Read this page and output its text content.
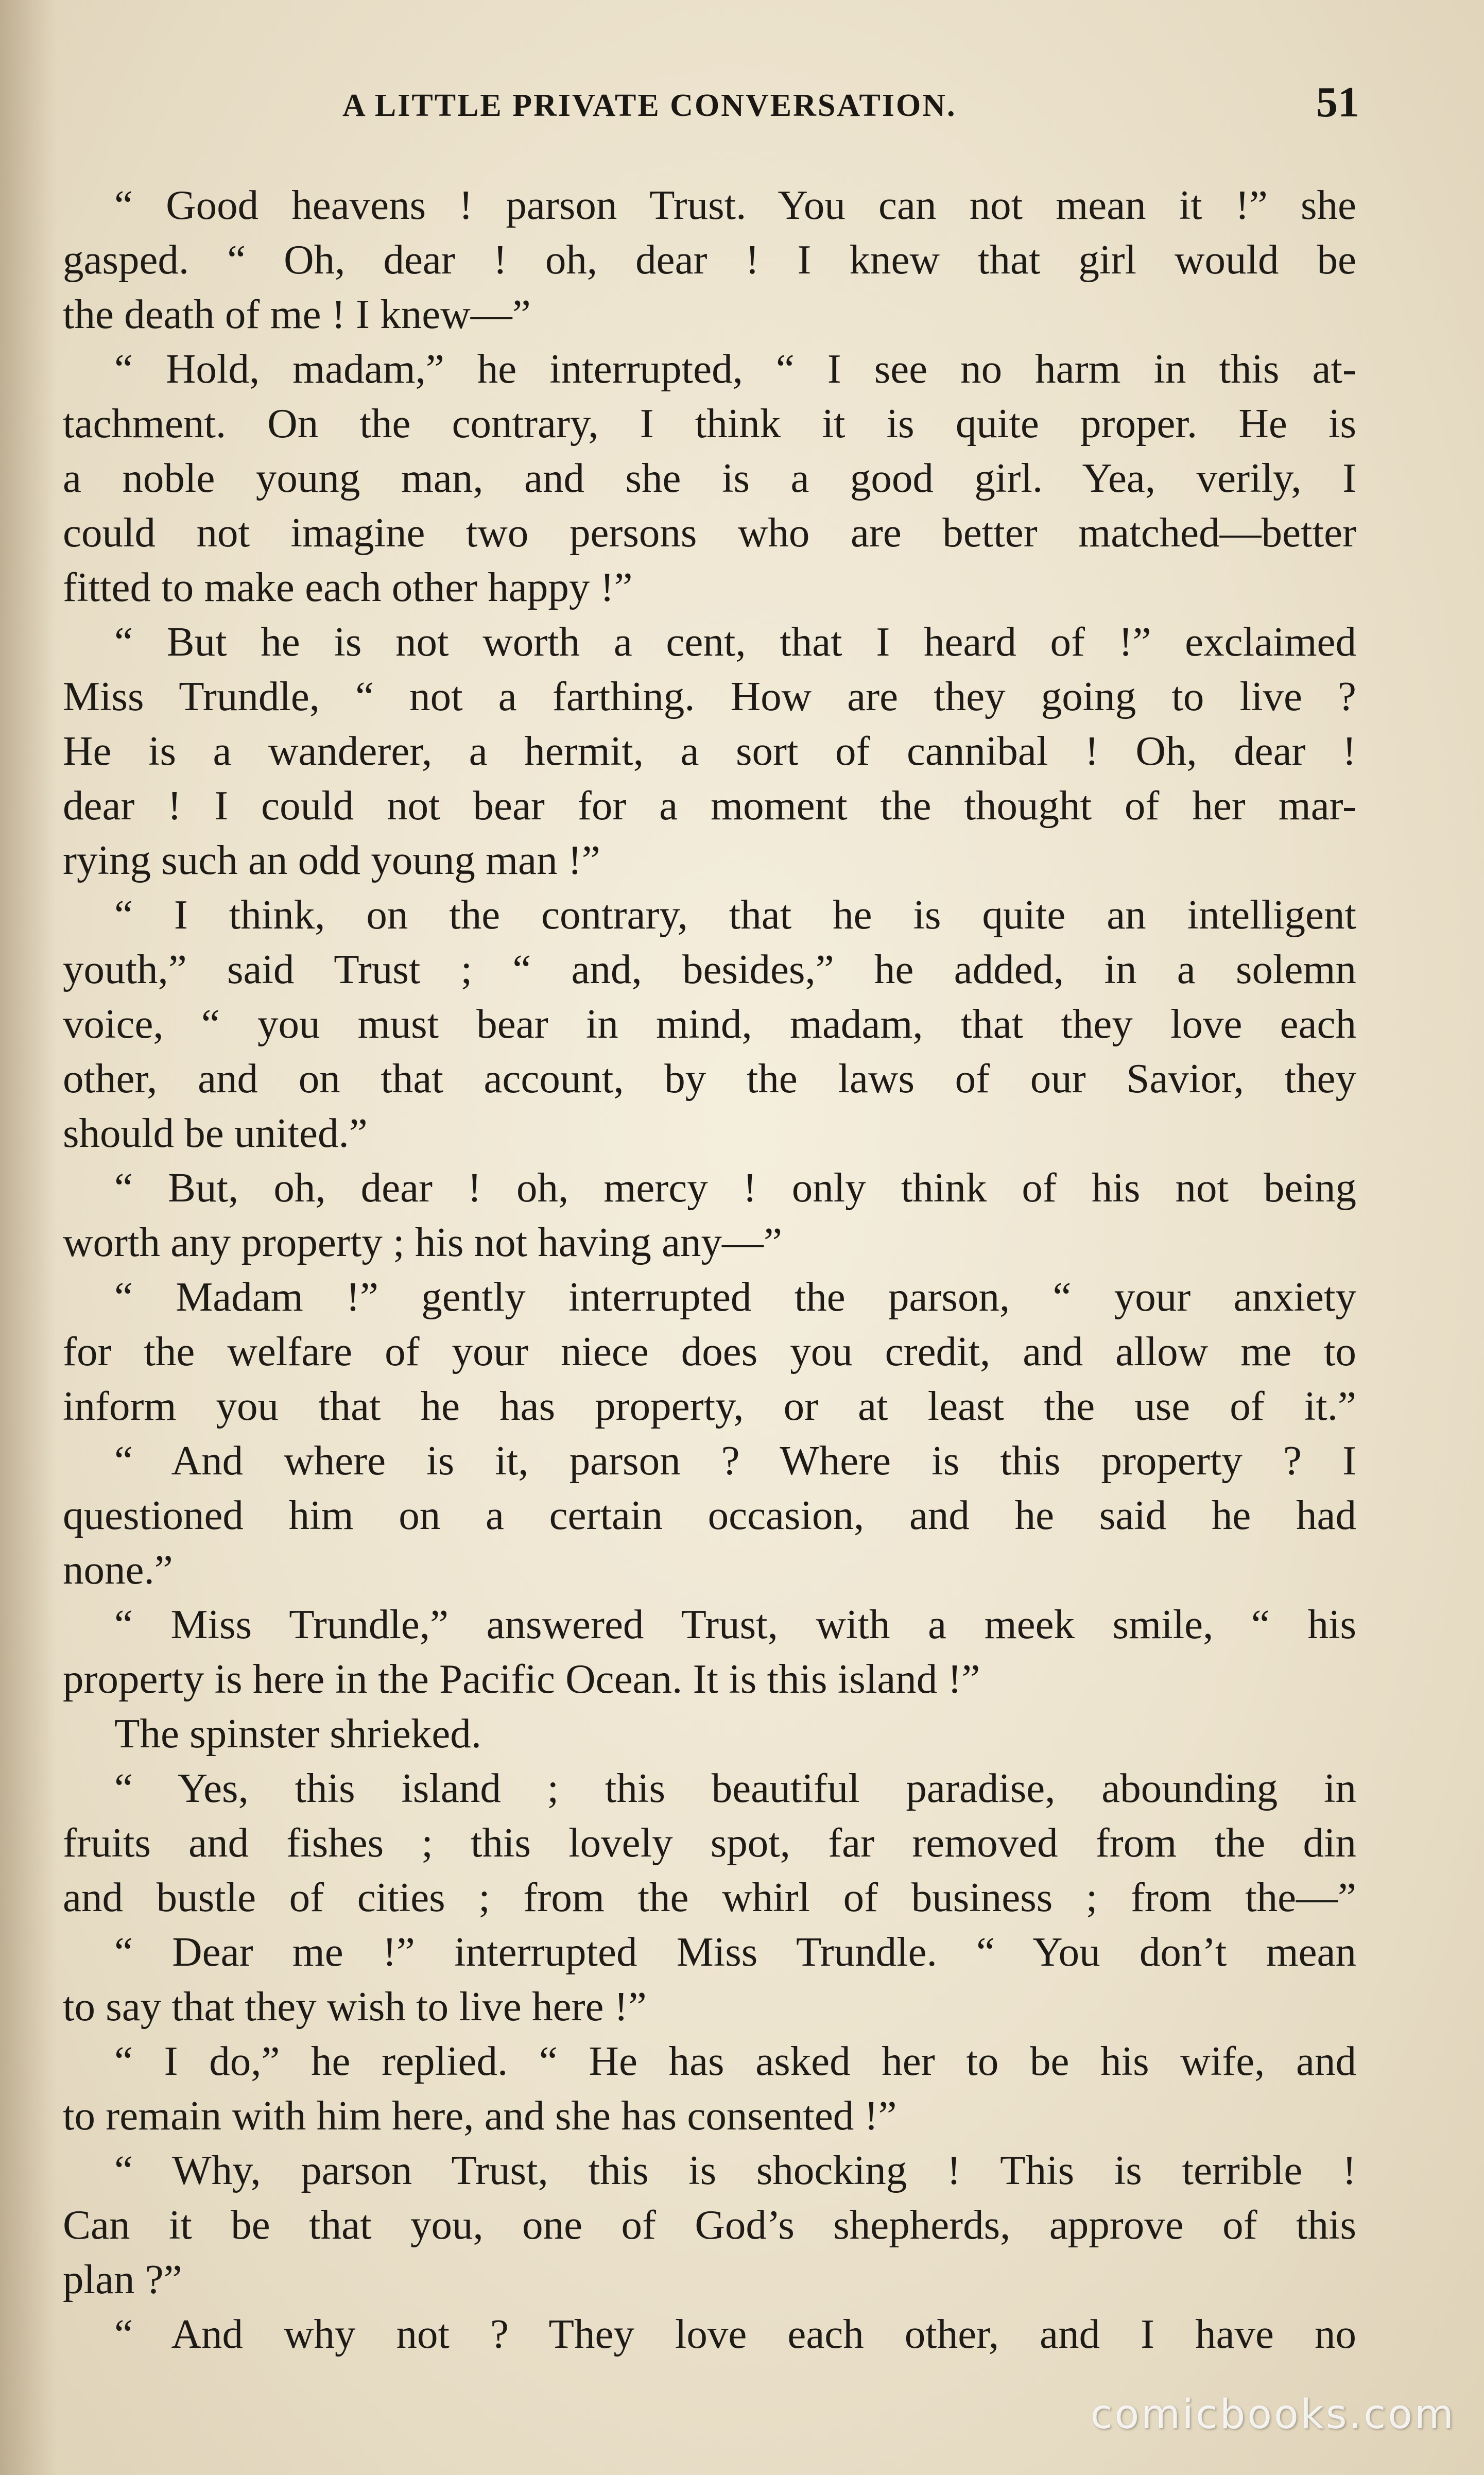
A LITTLE PRIVATE CONVERSATION.	51
“ Good heavens ! parson Trust. You can not mean it !” she
gasped. “ Oh, dear ! oh, dear ! I knew that girl would be
the death of me ! I knew—”
“ Hold, madam,” he interrupted, “ I see no harm in this at-
tachment. On the contrary, I think it is quite proper. He is
a noble young man, and she is a good girl. Yea, verily, I
could not imagine two persons who are better matched—better
fitted to make each other happy !”
“ But he is not worth a cent, that I heard of !” exclaimed
Miss Trundle, “ not a farthing. How are they going to live ?
He is a wanderer, a hermit, a sort of cannibal ! Oh, dear !
dear ! I could not bear for a moment the thought of her mar-
rying such an odd young man !”
“ I think, on the contrary, that he is quite an intelligent
youth,” said Trust ; “ and, besides,” he added, in a solemn
voice, “ you must bear in mind, madam, that they love each
other, and on that account, by the laws of our Savior, they
should be united.”
“ But, oh, dear ! oh, mercy ! only think of his not being
worth any property ; his not having any—”
“ Madam !” gently interrupted the parson, “ your anxiety
for the welfare of your niece does you credit, and allow me to
inform you that he has property, or at least the use of it.”
“ And where is it, parson ? Where is this property ? I
questioned him on a certain occasion, and he said he had
none.”
“ Miss Trundle,” answered Trust, with a meek smile, “ his
property is here in the Pacific Ocean. It is this island !”
The spinster shrieked.
“ Yes, this island ; this beautiful paradise, abounding in
fruits and fishes ; this lovely spot, far removed from the din
and bustle of cities ; from the whirl of business ; from the—”
“ Dear me !” interrupted Miss Trundle. “ You don’t mean
to say that they wish to live here !”
“ I do,” he replied. “ He has asked her to be his wife, and
to remain with him here, and she has consented !”
“ Why, parson Trust, this is shocking ! This is terrible !
Can it be that you, one of God’s shepherds, approve of this
plan ?”
“ And why not ? They love each other, and I have no
comicbooks.com
